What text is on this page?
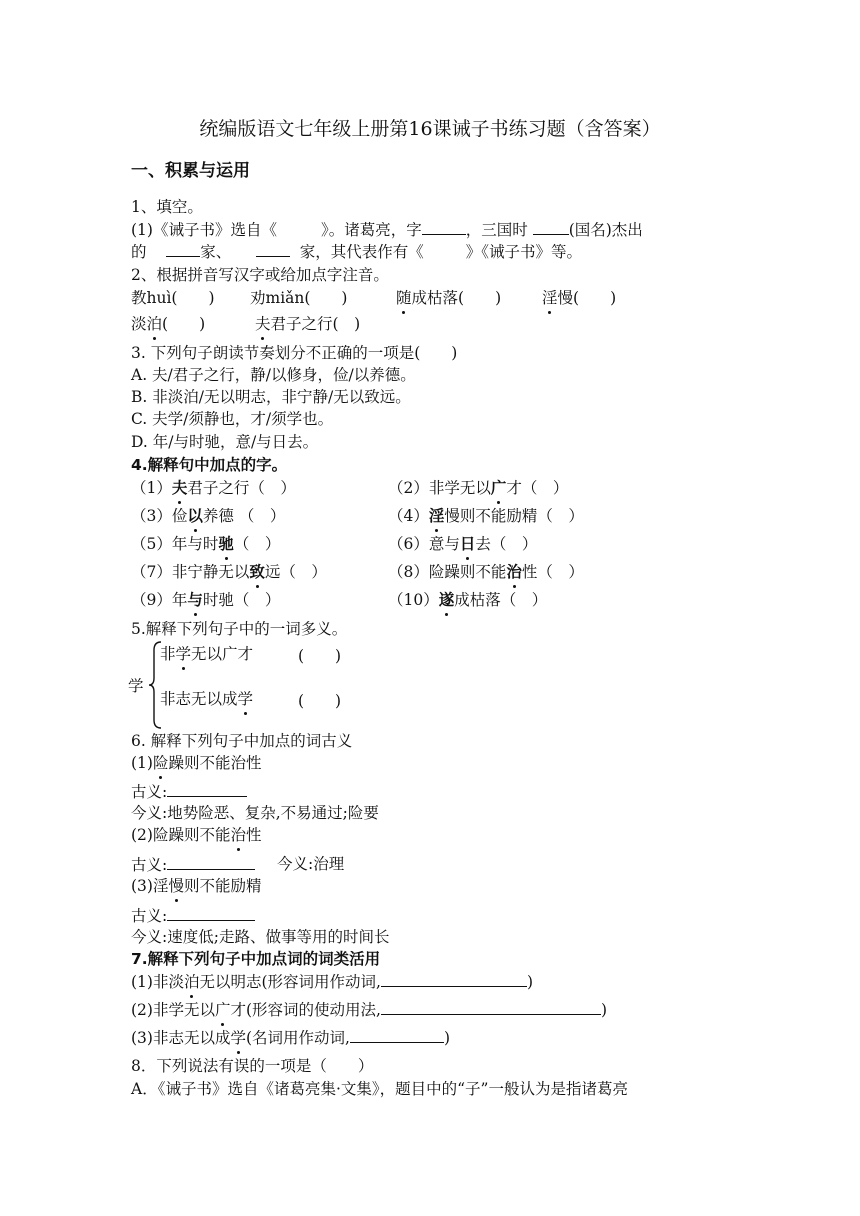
统编版语文七年级上册第16课诫子书练习题（含答案）
一、积累与运用
1、填空。
(1)《诫子书》选自《	》。诸葛亮，字	，三国时	(国名)杰出
的	家、	家，其代表作有《	》《诫子书》等。
2、根据拼音写汉字或给加点字注音。
教huì(　　) 劝miǎn(　　)	随成枯落(　　)	淫慢(　　)
淡泊(　　)	夫君子之行(　)
3. 下列句子朗读节奏划分不正确的一项是(　　)
A. 夫/君子之行，静/以修身，俭/以养德。
B. 非淡泊/无以明志，非宁静/无以致远。
C. 夫学/须静也，才/须学也。
D. 年/与时驰，意/与日去。
4.解释句中加点的字。
（1）夫君子之行（　）	（2）非学无以广才（　）
（3）俭以养德 （　）	（4）淫慢则不能励精（　）
（5）年与时驰（　）	（6）意与日去（　）
（7）非宁静无以致远（　）	（8）险躁则不能治性（　）
（9）年与时驰（　）	（10）遂成枯落（　）
5.解释下列句子中的一词多义。
学
非学无以广才	(　　)
非志无以成学	(　　)
6. 解释下列句子中加点的词古义
(1)险躁则不能治性
古义:
今义:地势险恶、复杂,不易通过;险要
(2)险躁则不能治性
古义:	今义:治理
(3)淫慢则不能励精
古义:
今义:速度低;走路、做事等用的时间长
7.解释下列句子中加点词的词类活用
(1)非淡泊无以明志(形容词用作动词,	)
(2)非学无以广才(形容词的使动用法,	)
(3)非志无以成学(名词用作动词,	)
8．下列说法有误的一项是（　　）
A．《诫子书》选自《诸葛亮集·文集》，题目中的“子”一般认为是指诸葛亮
